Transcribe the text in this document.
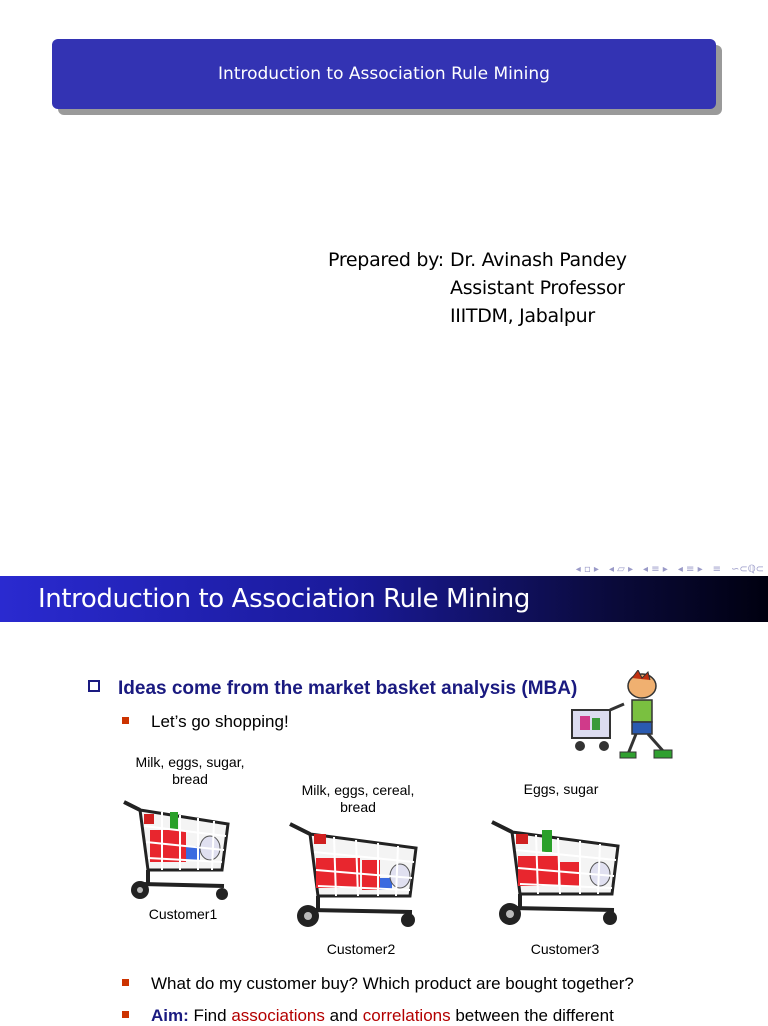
Introduction to Association Rule Mining
Prepared by: Dr. Avinash Pandey
Assistant Professor
IIITDM, Jabalpur
◂ ▫ ▸ ◂ ▱ ▸ ◂ ≡ ▸ ◂ ≡ ▸ ≡ ∽⊂ℚ⊂
Introduction to Association Rule Mining
Ideas come from the market basket analysis (MBA)
Let’s go shopping!
Milk, eggs, sugar,
bread
Customer1
Milk, eggs, cereal,
bread
Customer2
Eggs, sugar
Customer3
What do my customer buy? Which product are bought together?
Aim: Find associations and correlations between the different
